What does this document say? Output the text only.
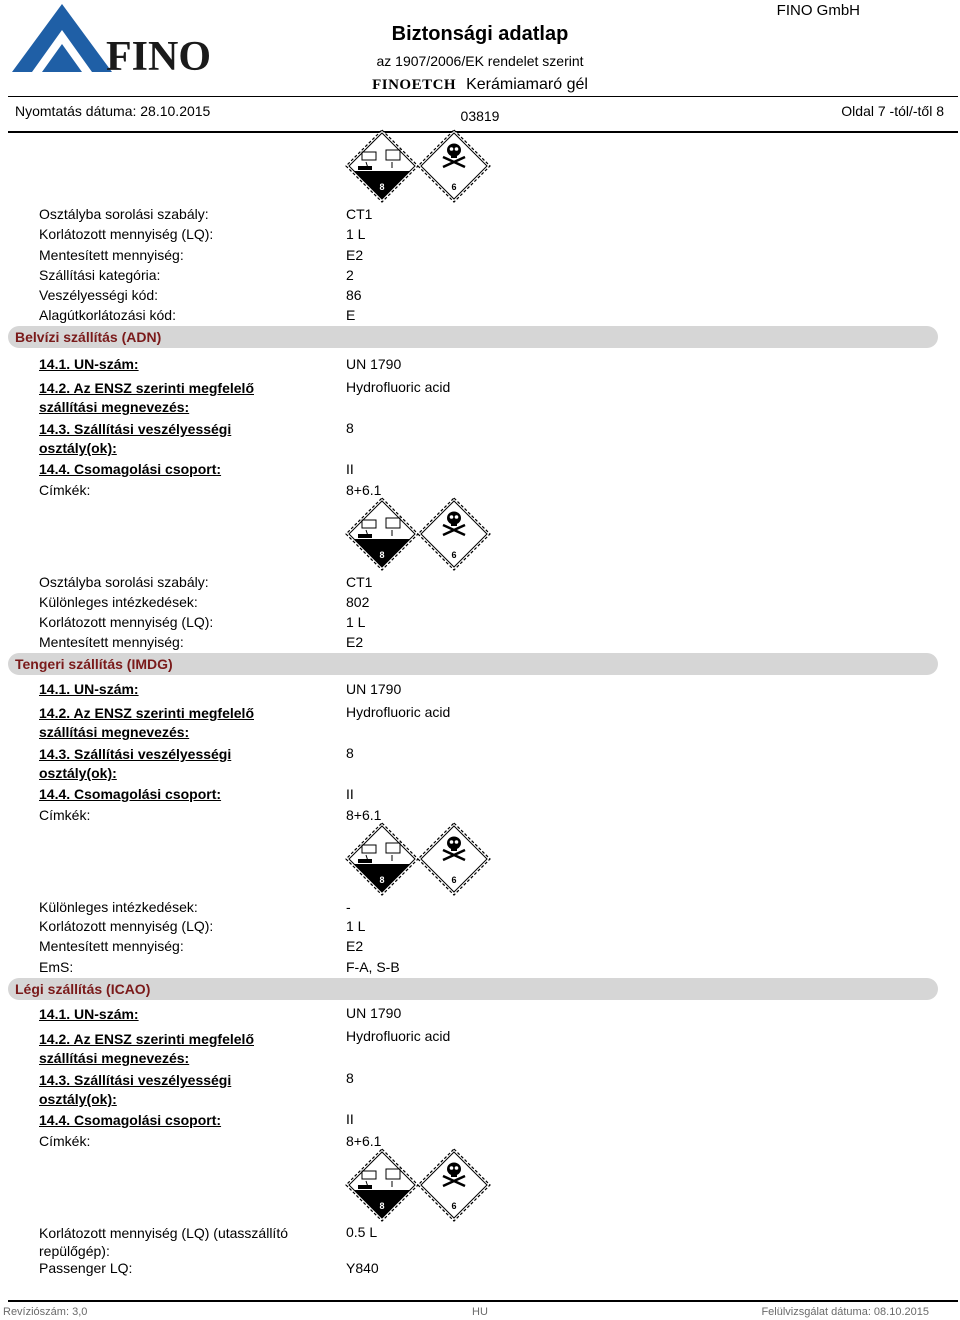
FINO
FINO GmbH
Biztonsági adatlap
az 1907/2006/EK rendelet szerint
FINOETCH Kerámiamaró gél
Nyomtatás dátuma: 28.10.2015	03819	Oldal 7 -tól/-től 8
8	6
Osztályba sorolási szabály:	CT1
Korlátozott mennyiség (LQ):	1 L
Mentesített mennyiség:	E2
Szállítási kategória:	2
Veszélyességi kód:	86
Alagútkorlátozási kód:	E
Belvízi szállítás (ADN)
14.1. UN-szám:	UN 1790
14.2. Az ENSZ szerinti megfelelő szállítási megnevezés:
Hydrofluoric acid
14.3. Szállítási veszélyességi osztály(ok):
8
14.4. Csomagolási csoport:	II
Címkék:	8+6.1
8	6
Osztályba sorolási szabály:	CT1
Különleges intézkedések:	802
Korlátozott mennyiség (LQ):	1 L
Mentesített mennyiség:	E2
Tengeri szállítás (IMDG)
14.1. UN-szám:	UN 1790
14.2. Az ENSZ szerinti megfelelő szállítási megnevezés:
Hydrofluoric acid
14.3. Szállítási veszélyességi osztály(ok):
8
14.4. Csomagolási csoport:	II
Címkék:	8+6.1
8	6
Különleges intézkedések:	-
Korlátozott mennyiség (LQ):	1 L
Mentesített mennyiség:	E2
EmS:	F-A, S-B
Légi szállítás (ICAO)
14.1. UN-szám:	UN 1790
14.2. Az ENSZ szerinti megfelelő szállítási megnevezés:
Hydrofluoric acid
14.3. Szállítási veszélyességi osztály(ok):
8
14.4. Csomagolási csoport:	II
Címkék:	8+6.1
8	6
Korlátozott mennyiség (LQ) (utasszállító repülőgép):
0.5 L
Passenger LQ:	Y840
Revíziószám: 3,0	HU	Felülvizsgálat dátuma: 08.10.2015
